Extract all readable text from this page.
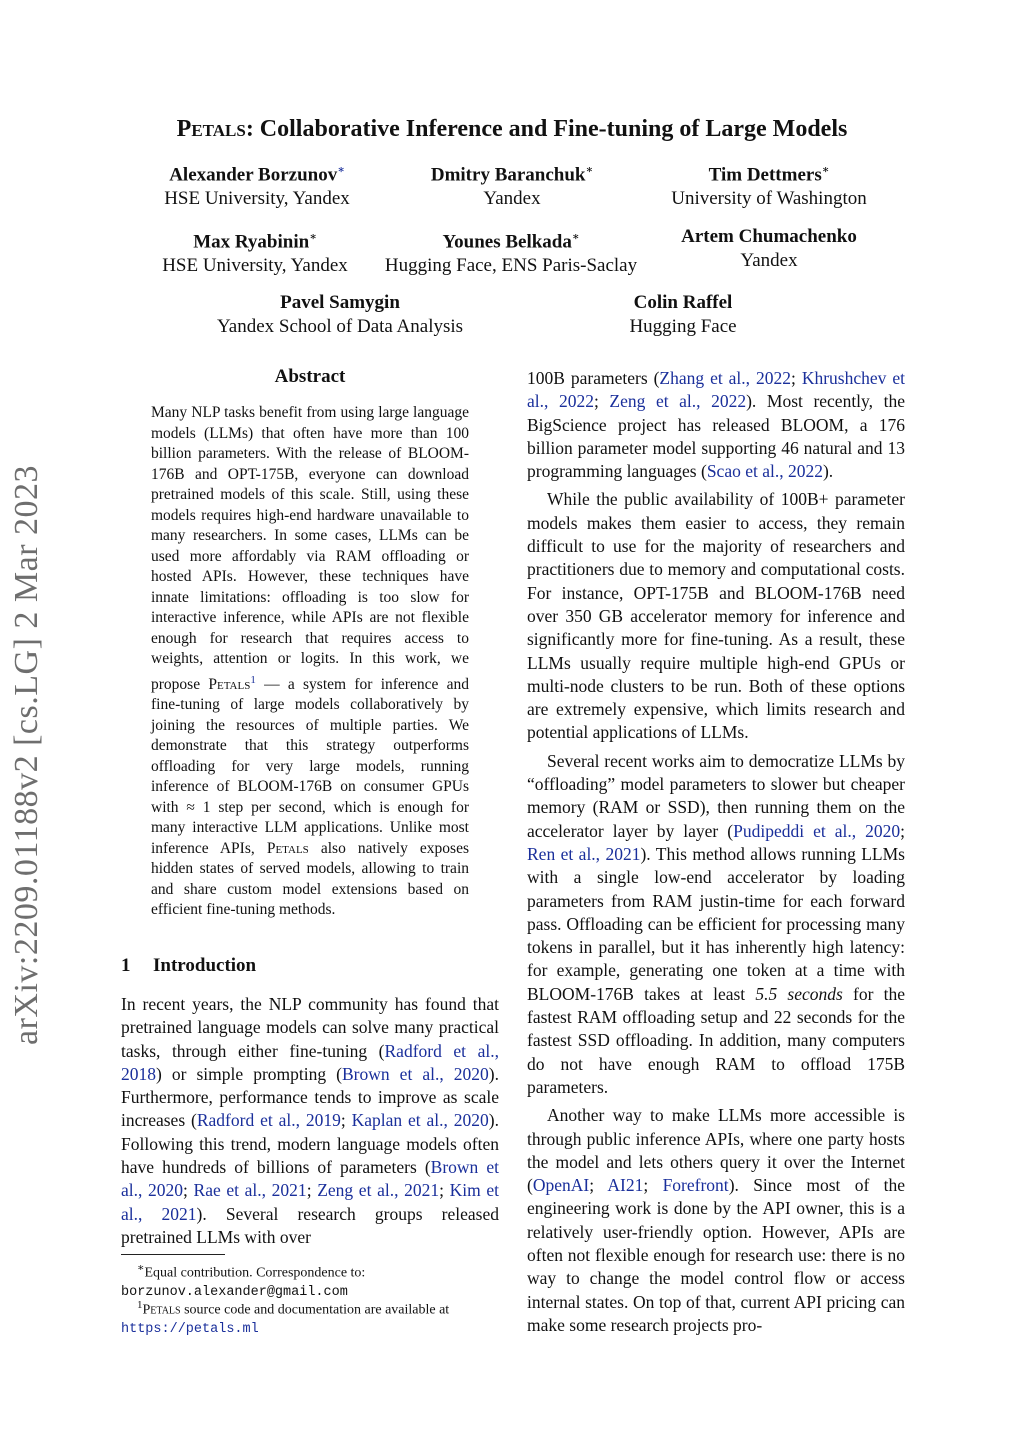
arXiv:2209.01188v2 [cs.LG] 2 Mar 2023
Petals: Collaborative Inference and Fine-tuning of Large Models
Alexander Borzunov∗
HSE University, Yandex
Dmitry Baranchuk∗
Yandex
Tim Dettmers∗
University of Washington
Max Ryabinin∗
HSE University, Yandex
Younes Belkada∗
Hugging Face, ENS Paris-Saclay
Artem Chumachenko
Yandex
Pavel Samygin
Yandex School of Data Analysis
Colin Raffel
Hugging Face
Abstract

Many NLP tasks benefit from using large language models (LLMs) that often have more than 100 billion parameters. With the release of BLOOM-176B and OPT-175B, everyone can download pretrained models of this scale. Still, using these models requires high-end hardware unavailable to many researchers. In some cases, LLMs can be used more affordably via RAM offloading or hosted APIs. However, these techniques have innate limitations: offloading is too slow for interactive inference, while APIs are not flexible enough for research that requires access to weights, attention or logits. In this work, we propose Petals$^1$ — a system for inference and fine-tuning of large models collaboratively by joining the resources of multiple parties. We demonstrate that this strategy outperforms offloading for very large models, running inference of BLOOM-176B on consumer GPUs with ≈ 1 step per second, which is enough for many interactive LLM applications. Unlike most inference APIs, Petals also natively exposes hidden states of served models, allowing to train and share custom model extensions based on efficient fine-tuning methods.

1 Introduction

In recent years, the NLP community has found that pretrained language models can solve many practical tasks, through either fine-tuning (Radford et al., 2018) or simple prompting (Brown et al., 2020). Furthermore, performance tends to improve as scale increases (Radford et al., 2019; Kaplan et al., 2020). Following this trend, modern language models often have hundreds of billions of parameters (Brown et al., 2020; Rae et al., 2021; Zeng et al., 2021; Kim et al., 2021). Several research groups released pretrained LLMs with over

∗Equal contribution. Correspondence to:
borzunov.alexander@gmail.com
$^1$Petals source code and documentation are available at
https://petals.ml

100B parameters (Zhang et al., 2022; Khrushchev et al., 2022; Zeng et al., 2022). Most recently, the BigScience project has released BLOOM, a 176 billion parameter model supporting 46 natural and 13 programming languages (Scao et al., 2022).

While the public availability of 100B+ parameter models makes them easier to access, they remain difficult to use for the majority of researchers and practitioners due to memory and computational costs. For instance, OPT-175B and BLOOM-176B need over 350 GB accelerator memory for inference and significantly more for fine-tuning. As a result, these LLMs usually require multiple high-end GPUs or multi-node clusters to be run. Both of these options are extremely expensive, which limits research and potential applications of LLMs.

Several recent works aim to democratize LLMs by “offloading” model parameters to slower but cheaper memory (RAM or SSD), then running them on the accelerator layer by layer (Pudipeddi et al., 2020; Ren et al., 2021). This method allows running LLMs with a single low-end accelerator by loading parameters from RAM justin-time for each forward pass. Offloading can be efficient for processing many tokens in parallel, but it has inherently high latency: for example, generating one token at a time with BLOOM-176B takes at least 5.5 seconds for the fastest RAM offloading setup and 22 seconds for the fastest SSD offloading. In addition, many computers do not have enough RAM to offload 175B parameters.

Another way to make LLMs more accessible is through public inference APIs, where one party hosts the model and lets others query it over the Internet (OpenAI; AI21; Forefront). Since most of the engineering work is done by the API owner, this is a relatively user-friendly option. However, APIs are often not flexible enough for research use: there is no way to change the model control flow or access internal states. On top of that, current API pricing can make some research projects pro-
